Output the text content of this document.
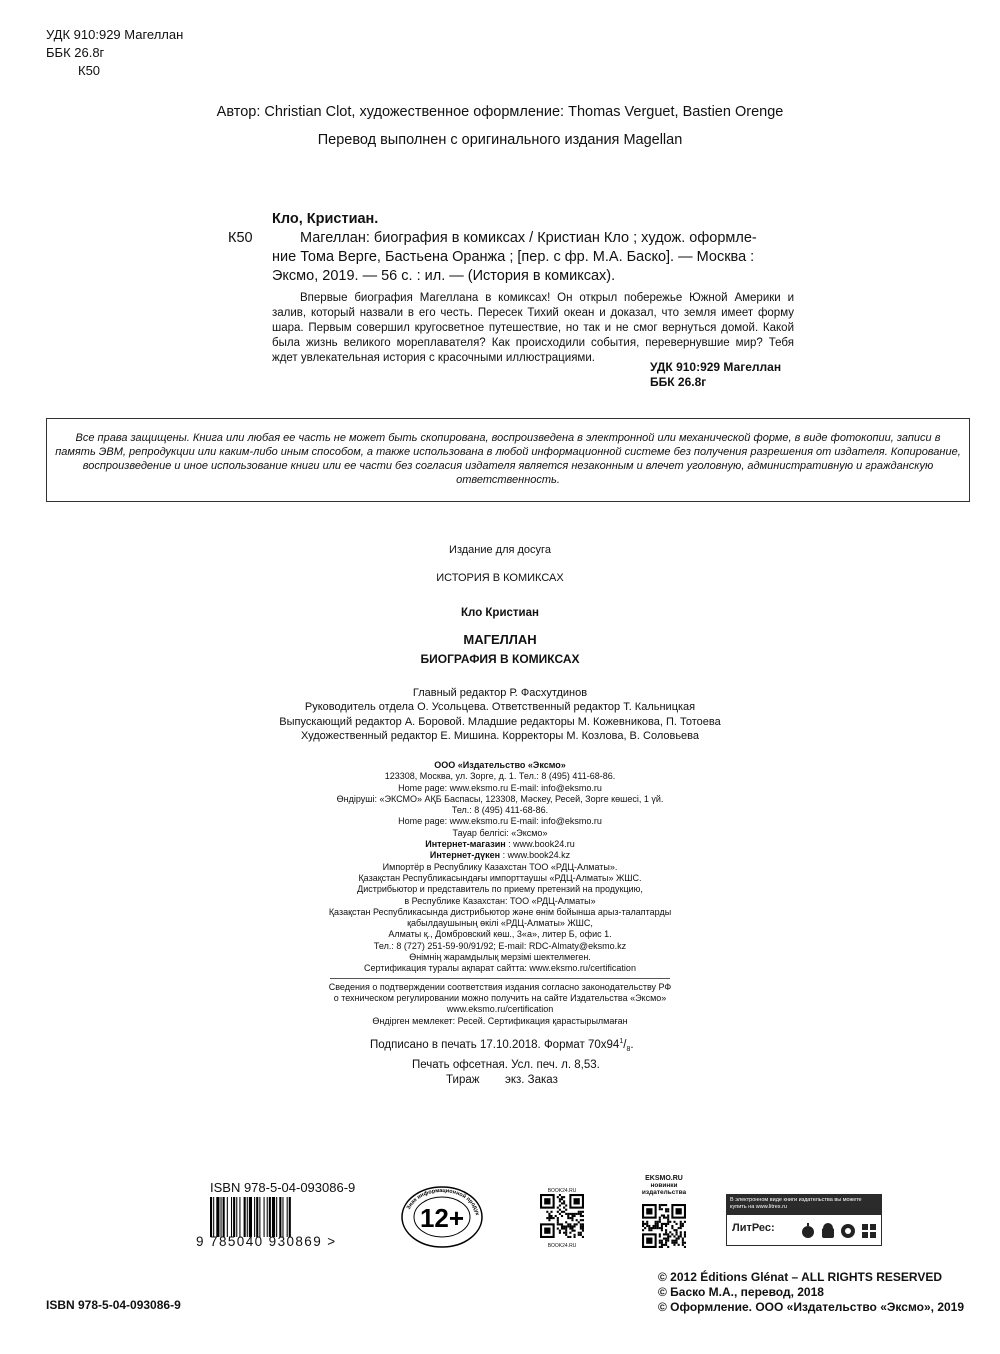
УДК 910:929 Магеллан
ББК 26.8г
К50
Автор: Christian Clot, художественное оформление: Thomas Verguet, Bastien Orenge
Перевод выполнен с оригинального издания Magellan
Кло, Кристиан.
К50	Магеллан: биография в комиксах / Кристиан Кло ; худож. оформле-
ние Тома Верге, Бастьена Оранжа ; [пер. с фр. М.А. Баско]. — Москва :
Эксмо, 2019. — 56 с. : ил. — (История в комиксах).

Впервые биография Магеллана в комиксах! Он открыл побережье Южной Америки и залив, который назвали в его честь. Пересек Тихий океан и доказал, что земля имеет форму шара. Первым совершил кругосветное путешествие, но так и не смог вернуться домой. Какой была жизнь великого мореплавателя? Как происходили события, перевернувшие мир? Тебя ждет увлекательная история с красочными иллюстрациями.

УДК 910:929 Магеллан
ББК 26.8г
Все права защищены. Книга или любая ее часть не может быть скопирована, воспроизведена в электронной или механической форме, в виде фотокопии, записи в память ЭВМ, репродукции или каким-либо иным способом, а также использована в любой информационной системе без получения разрешения от издателя. Копирование, воспроизведение и иное использование книги или ее части без согласия издателя является незаконным и влечет уголовную, административную и гражданскую ответственность.
Издание для досуга
ИСТОРИЯ В КОМИКСАХ
Кло Кристиан
МАГЕЛЛАН
БИОГРАФИЯ В КОМИКСАХ
Главный редактор Р. Фасхутдинов
Руководитель отдела О. Усольцева. Ответственный редактор Т. Кальницкая
Выпускающий редактор А. Боровой. Младшие редакторы М. Кожевникова, П. Тотоева
Художественный редактор Е. Мишина. Корректоры М. Козлова, В. Соловьева
ООО «Издательство «Эксмо»
123308, Москва, ул. Зорге, д. 1. Тел.: 8 (495) 411-68-86.
Home page: www.eksmo.ru E-mail: info@eksmo.ru
Өндіруші: «ЭКСМО» АҚБ Баспасы, 123308, Мәскеу, Ресей, Зорге көшесі, 1 үй.
Тел.: 8 (495) 411-68-86.
Home page: www.eksmo.ru E-mail: info@eksmo.ru
Тауар белгісі: «Эксмо»
Интернет-магазин : www.book24.ru
Интернет-дүкен : www.book24.kz
Импортёр в Республику Казахстан ТОО «РДЦ-Алматы».
Қазақстан Республикасындағы импорттаушы «РДЦ-Алматы» ЖШС.
Дистрибьютор и представитель по приему претензий на продукцию,
в Республике Казахстан: ТОО «РДЦ-Алматы»
Қазақстан Республикасында дистрибьютор және өнім бойынша арыз-талаптарды
қабылдаушының өкілі «РДЦ-Алматы» ЖШС,
Алматы қ., Домбровский көш., 3«а», литер Б, офис 1.
Тел.: 8 (727) 251-59-90/91/92; E-mail: RDC-Almaty@eksmo.kz
Өнімнің жарамдылық мерзімі шектелмеген.
Сертификация туралы ақпарат сайтта: www.eksmo.ru/certification
Сведения о подтверждении соответствия издания согласно законодательству РФ
о техническом регулировании можно получить на сайте Издательства «Эксмо»
www.eksmo.ru/certification
Өндірген мемлекет: Ресей. Сертификация қарастырылмаған
Подписано в печать 17.10.2018. Формат $70x94^1/_8$.
Печать офсетная. Усл. печ. л. 8,53.
Тираж        экз. Заказ
ISBN 978-5-04-093086-9
9 785040 930869 >
12+
Знак информационной продук
BOOK24.RU
BOOK24.RU
EKSMO.RU
новинки издательства
В электронном виде книги издательства вы можете купить на www.litres.ru
ЛитРес:
© 2012 Éditions Glénat – ALL RIGHTS RESERVED
© Баско М.А., перевод, 2018
© Оформление. ООО «Издательство «Эксмо», 2019
ISBN 978-5-04-093086-9
